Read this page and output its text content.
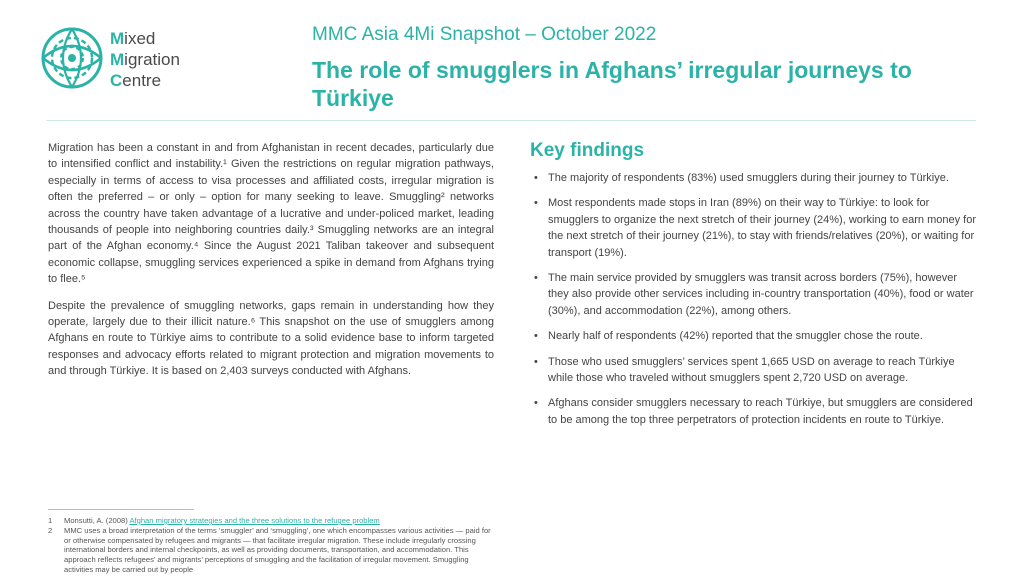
Mixed
Migration
Centre
MMC Asia 4Mi Snapshot – October 2022
The role of smugglers in Afghans’ irregular journeys to Türkiye

Migration has been a constant in and from Afghanistan in recent decades, particularly due to intensified conflict and instability.¹ Given the restrictions on regular migration pathways, especially in terms of access to visa processes and affiliated costs, irregular migration is often the preferred – or only – option for many seeking to leave. Smuggling² networks across the country have taken advantage of a lucrative and under-policed market, leading thousands of people into neighboring countries daily.³ Smuggling networks are an integral part of the Afghan economy.⁴ Since the August 2021 Taliban takeover and subsequent economic collapse, smuggling services experienced a spike in demand from Afghans trying to flee.⁵

Despite the prevalence of smuggling networks, gaps remain in understanding how they operate, largely due to their illicit nature.⁶ This snapshot on the use of smugglers among Afghans en route to Türkiye aims to contribute to a solid evidence base to inform targeted responses and advocacy efforts related to migrant protection and migration movements to and through Türkiye. It is based on 2,403 surveys conducted with Afghans.

Key findings
• The majority of respondents (83%) used smugglers during their journey to Türkiye.
• Most respondents made stops in Iran (89%) on their way to Türkiye: to look for smugglers to organize the next stretch of their journey (24%), working to earn money for the next stretch of their journey (21%), to stay with friends/relatives (20%), or waiting for transport (19%).
• The main service provided by smugglers was transit across borders (75%), however they also provide other services including in-country transportation (40%), food or water (30%), and accommodation (22%), among others.
• Nearly half of respondents (42%) reported that the smuggler chose the route.
• Those who used smugglers’ services spent 1,665 USD on average to reach Türkiye while those who traveled without smugglers spent 2,720 USD on average.
• Afghans consider smugglers necessary to reach Türkiye, but smugglers are considered to be among the top three perpetrators of protection incidents en route to Türkiye.
1	Monsutti, A. (2008) Afghan migratory strategies and the three solutions to the refugee problem
2	MMC uses a broad interpretation of the terms ‘smuggler’ and ‘smuggling’, one which encompasses various activities — paid for or otherwise compensated by refugees and migrants — that facilitate irregular migration. These include irregularly crossing international borders and internal checkpoints, as well as providing documents, transportation, and accommodation. This approach reflects refugees’ and migrants’ perceptions of smuggling and the facilitation of irregular movement. Smuggling activities may be carried out by people
